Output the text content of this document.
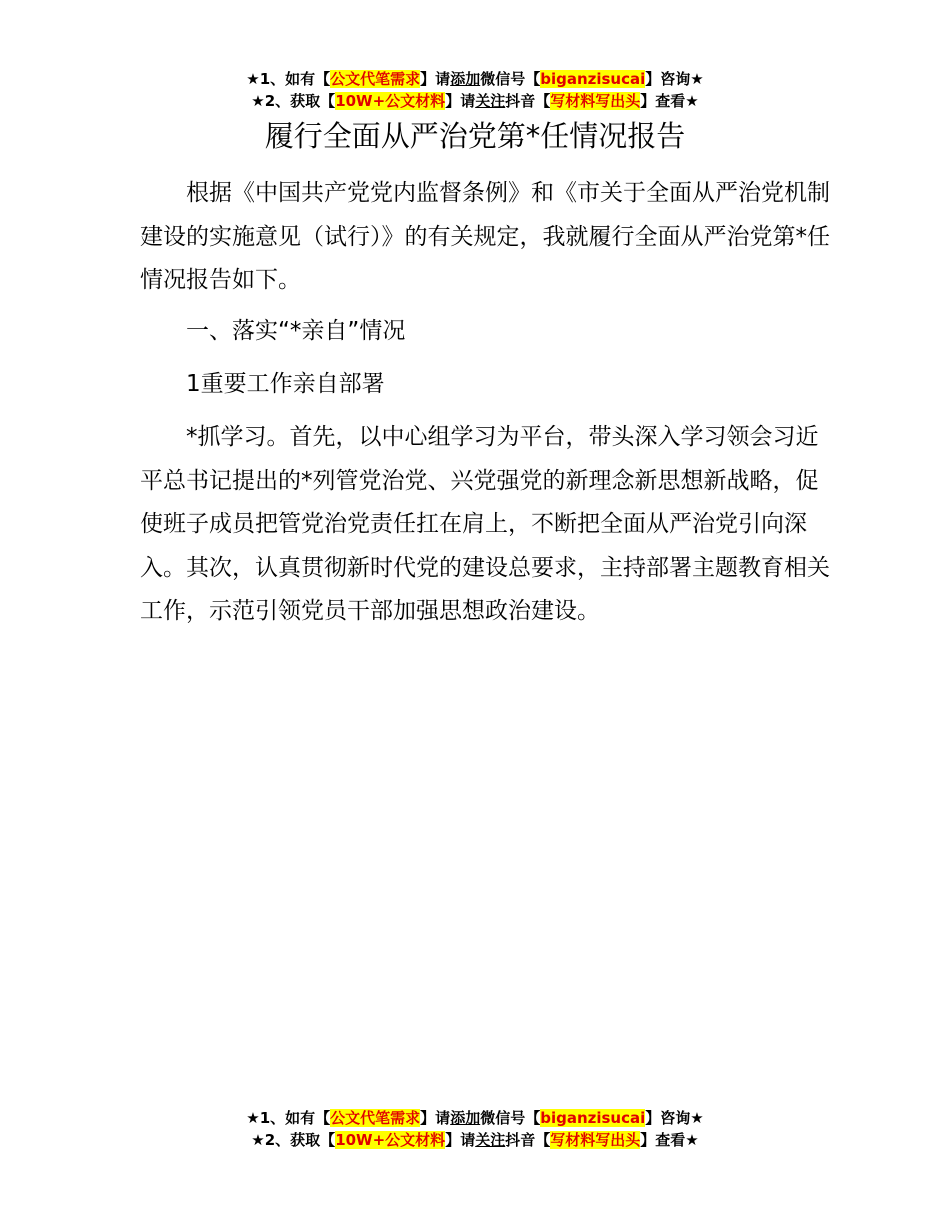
★1、如有【公文代笔需求】请添加微信号【biganzisucai】咨询★
★2、获取【10W+公文材料】请关注抖音【写材料写出头】查看★
履行全面从严治党第*任情况报告

根据《中国共产党党内监督条例》和《市关于全面从严治党机制建设的实施意见（试行）》的有关规定，我就履行全面从严治党第*任情况报告如下。

一、落实“*亲自”情况

1重要工作亲自部署

*抓学习。首先，以中心组学习为平台，带头深入学习领会习近平总书记提出的*列管党治党、兴党强党的新理念新思想新战略，促使班子成员把管党治党责任扛在肩上，不断把全面从严治党引向深入。其次，认真贯彻新时代党的建设总要求，主持部署主题教育相关工作，示范引领党员干部加强思想政治建设。

★1、如有【公文代笔需求】请添加微信号【biganzisucai】咨询★
★2、获取【10W+公文材料】请关注抖音【写材料写出头】查看★
